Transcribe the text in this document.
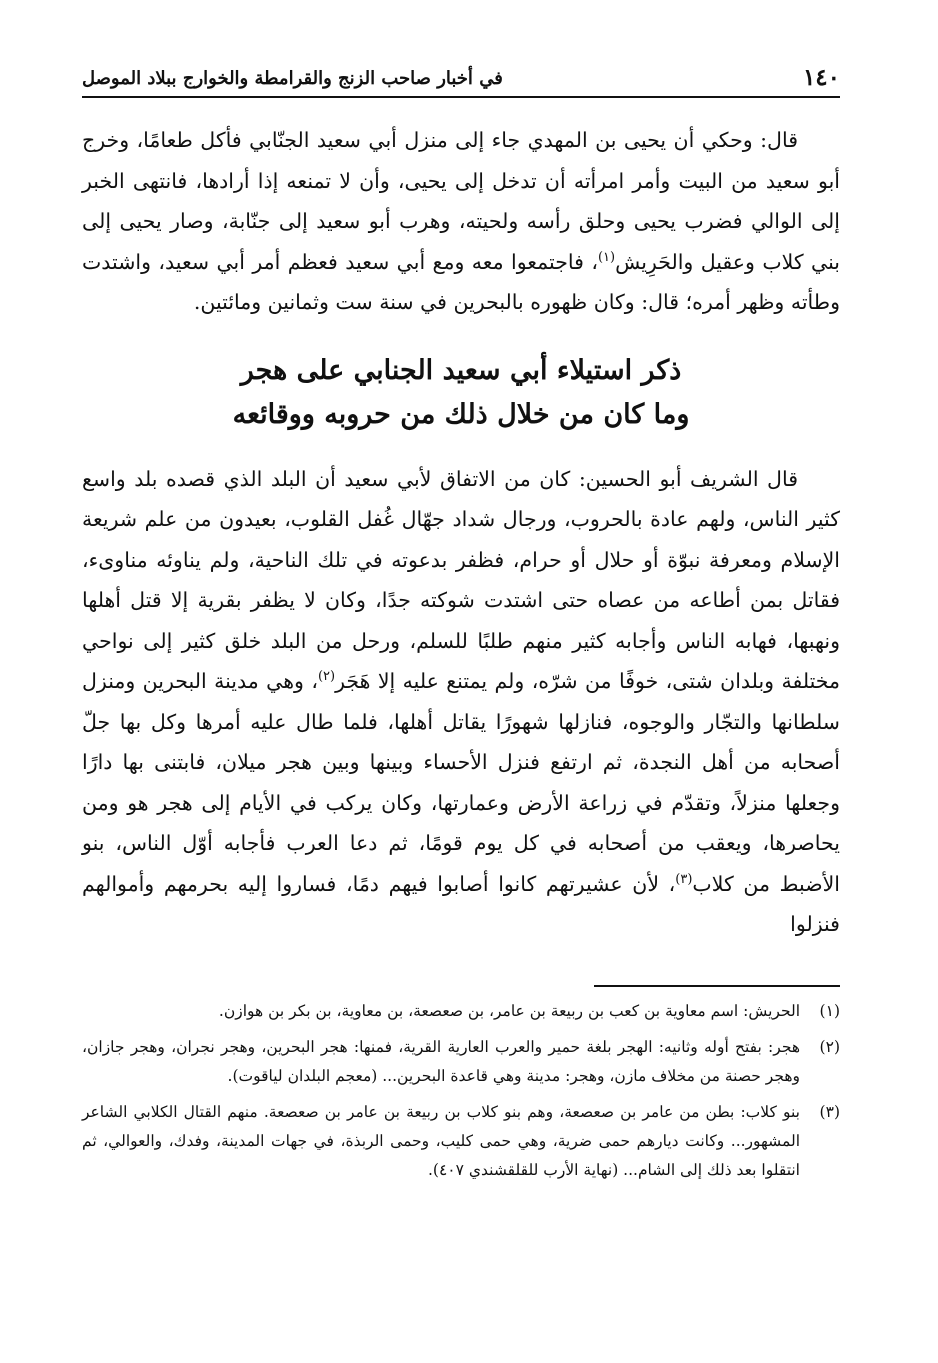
١٤٠
في أخبار صاحب الزنج والقرامطة والخوارج ببلاد الموصل

قال: وحكي أن يحيى بن المهدي جاء إلى منزل أبي سعيد الجنّابي فأكل طعامًا، وخرج أبو سعيد من البيت وأمر امرأته أن تدخل إلى يحيى، وأن لا تمنعه إذا أرادها، فانتهى الخبر إلى الوالي فضرب يحيى وحلق رأسه ولحيته، وهرب أبو سعيد إلى جنّابة، وصار يحيى إلى بني كلاب وعقيل والحَرِيش$^{(١)}$، فاجتمعوا معه ومع أبي سعيد فعظم أمر أبي سعيد، واشتدت وطأته وظهر أمره؛ قال: وكان ظهوره بالبحرين في سنة ست وثمانين ومائتين.

ذكر استيلاء أبي سعيد الجنابي على هجر
وما كان من خلال ذلك من حروبه ووقائعه

قال الشريف أبو الحسين: كان من الاتفاق لأبي سعيد أن البلد الذي قصده بلد واسع كثير الناس، ولهم عادة بالحروب، ورجال شداد جهّال غُفل القلوب، بعيدون من علم شريعة الإسلام ومعرفة نبوّة أو حلال أو حرام، فظفر بدعوته في تلك الناحية، ولم يناوئه مناوىء، فقاتل بمن أطاعه من عصاه حتى اشتدت شوكته جدًا، وكان لا يظفر بقرية إلا قتل أهلها ونهبها، فهابه الناس وأجابه كثير منهم طلبًا للسلم، ورحل من البلد خلق كثير إلى نواحي مختلفة وبلدان شتى، خوفًا من شرّه، ولم يمتنع عليه إلا هَجَر$^{(٢)}$، وهي مدينة البحرين ومنزل سلطانها والتجّار والوجوه، فنازلها شهورًا يقاتل أهلها، فلما طال عليه أمرها وكل بها جلّ أصحابه من أهل النجدة، ثم ارتفع فنزل الأحساء وبينها وبين هجر ميلان، فابتنى بها دارًا وجعلها منزلاً، وتقدّم في زراعة الأرض وعمارتها، وكان يركب في الأيام إلى هجر هو ومن يحاصرها، ويعقب من أصحابه في كل يوم قومًا، ثم دعا العرب فأجابه أوّل الناس، بنو الأضبط من كلاب$^{(٣)}$، لأن عشيرتهم كانوا أصابوا فيهم دمًا، فساروا إليه بحرمهم وأموالهم فنزلوا

(١)
الحريش: اسم معاوية بن كعب بن ربيعة بن عامر، بن صعصعة، بن معاوية، بن بكر بن هوازن.
(٢)
هجر: بفتح أوله وثانيه: الهجر بلغة حمير والعرب العارية القرية، فمنها: هجر البحرين، وهجر نجران، وهجر جازان، وهجر حصنة من مخلاف مازن، وهجر: مدينة وهي قاعدة البحرين... (معجم البلدان لياقوت).
(٣)
بنو كلاب: بطن من عامر بن صعصعة، وهم بنو كلاب بن ربيعة بن عامر بن صعصعة. منهم القتال الكلابي الشاعر المشهور... وكانت ديارهم حمى ضرية، وهي حمى كليب، وحمى الربذة، في جهات المدينة، وفدك، والعوالي، ثم انتقلوا بعد ذلك إلى الشام... (نهاية الأرب للقلقشندي ٤٠٧).
